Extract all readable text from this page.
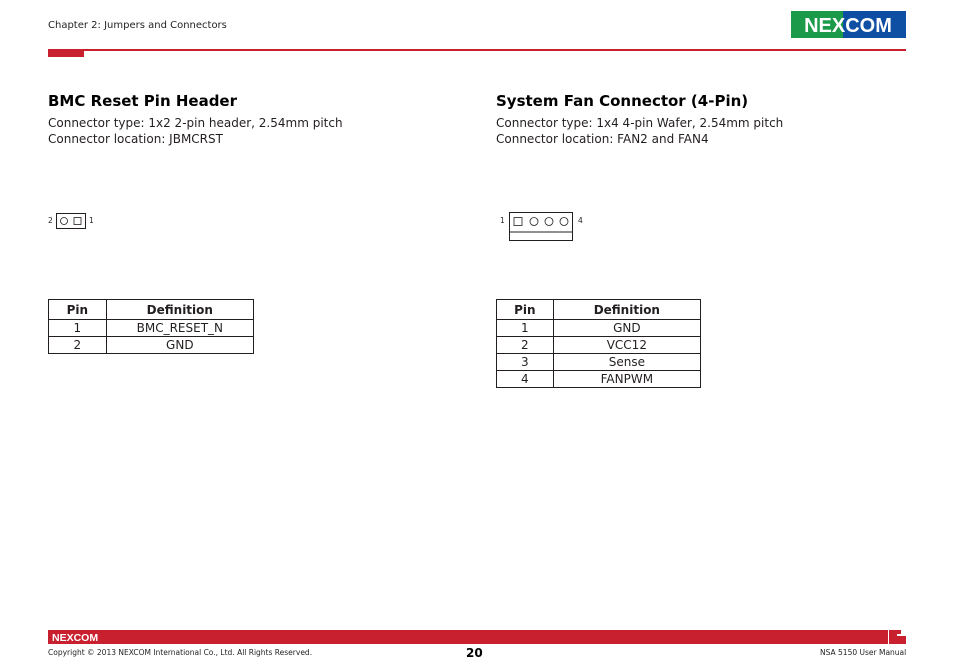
Chapter 2: Jumpers and Connectors	NEXCOM
BMC Reset Pin Header
Connector type: 1x2 2-pin header, 2.54mm pitch
Connector location: JBMCRST
2	1
Pin	Definition
1	BMC_RESET_N
2	GND
System Fan Connector (4-Pin)
Connector type: 1x4 4-pin Wafer, 2.54mm pitch
Connector location: FAN2 and FAN4
1	4
Pin	Definition
1	GND
2	VCC12
3	Sense
4	FANPWM
NEXCOM
Copyright © 2013 NEXCOM International Co., Ltd. All Rights Reserved.	20	NSA 5150 User Manual
